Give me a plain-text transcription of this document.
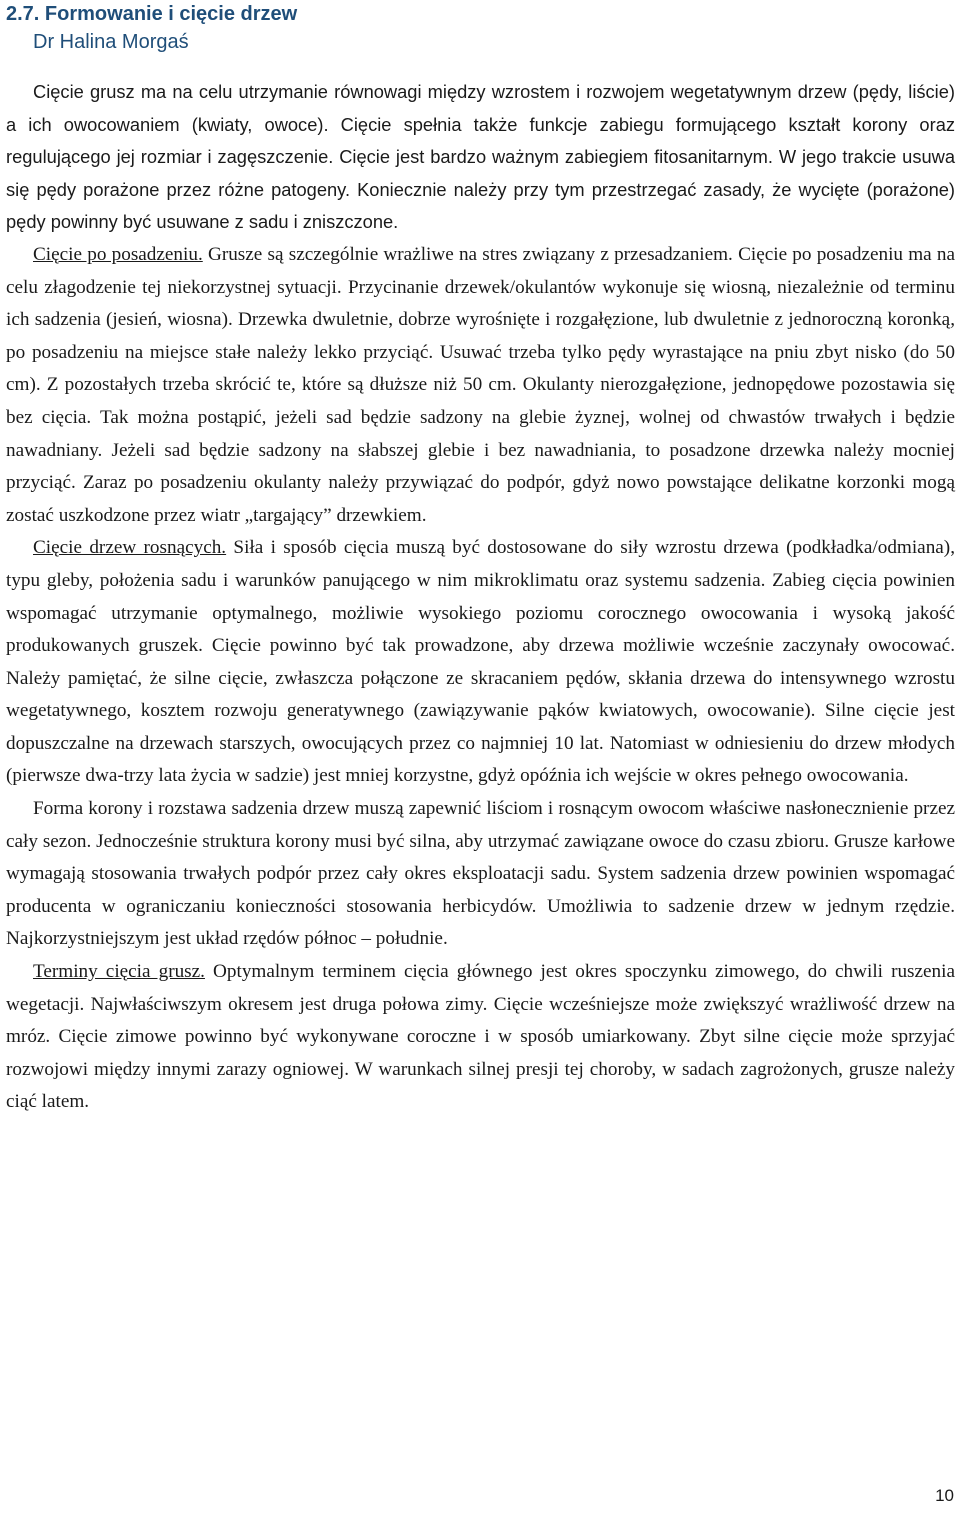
2.7. Formowanie i cięcie drzew
Dr Halina Morgaś

Cięcie grusz ma na celu utrzymanie równowagi między wzrostem i rozwojem wegetatywnym drzew (pędy, liście) a ich owocowaniem (kwiaty, owoce). Cięcie spełnia także funkcje zabiegu formującego kształt korony oraz regulującego jej rozmiar i zagęszczenie. Cięcie jest bardzo ważnym zabiegiem fitosanitarnym. W jego trakcie usuwa się pędy porażone przez różne patogeny. Koniecznie należy przy tym przestrzegać zasady, że wycięte (porażone) pędy powinny być usuwane z sadu i zniszczone.

Cięcie po posadzeniu. Grusze są szczególnie wrażliwe na stres związany z przesadzaniem. Cięcie po posadzeniu ma na celu złagodzenie tej niekorzystnej sytuacji. Przycinanie drzewek/okulantów wykonuje się wiosną, niezależnie od terminu ich sadzenia (jesień, wiosna). Drzewka dwuletnie, dobrze wyrośnięte i rozgałęzione, lub dwuletnie z jednoroczną koronką, po posadzeniu na miejsce stałe należy lekko przyciąć. Usuwać trzeba tylko pędy wyrastające na pniu zbyt nisko (do 50 cm). Z pozostałych trzeba skrócić te, które są dłuższe niż 50 cm. Okulanty nierozgałęzione, jednopędowe pozostawia się bez cięcia. Tak można postąpić, jeżeli sad będzie sadzony na glebie żyznej, wolnej od chwastów trwałych i będzie nawadniany. Jeżeli sad będzie sadzony na słabszej glebie i bez nawadniania, to posadzone drzewka należy mocniej przyciąć. Zaraz po posadzeniu okulanty należy przywiązać do podpór, gdyż nowo powstające delikatne korzonki mogą zostać uszkodzone przez wiatr „targający” drzewkiem.

Cięcie drzew rosnących. Siła i sposób cięcia muszą być dostosowane do siły wzrostu drzewa (podkładka/odmiana), typu gleby, położenia sadu i warunków panującego w nim mikroklimatu oraz systemu sadzenia. Zabieg cięcia powinien wspomagać utrzymanie optymalnego, możliwie wysokiego poziomu corocznego owocowania i wysoką jakość produkowanych gruszek. Cięcie powinno być tak prowadzone, aby drzewa możliwie wcześnie zaczynały owocować. Należy pamiętać, że silne cięcie, zwłaszcza połączone ze skracaniem pędów, skłania drzewa do intensywnego wzrostu wegetatywnego, kosztem rozwoju generatywnego (zawiązywanie pąków kwiatowych, owocowanie). Silne cięcie jest dopuszczalne na drzewach starszych, owocujących przez co najmniej 10 lat. Natomiast w odniesieniu do drzew młodych (pierwsze dwa-trzy lata życia w sadzie) jest mniej korzystne, gdyż opóźnia ich wejście w okres pełnego owocowania.

Forma korony i rozstawa sadzenia drzew muszą zapewnić liściom i rosnącym owocom właściwe nasłonecznienie przez cały sezon. Jednocześnie struktura korony musi być silna, aby utrzymać zawiązane owoce do czasu zbioru. Grusze karłowe wymagają stosowania trwałych podpór przez cały okres eksploatacji sadu. System sadzenia drzew powinien wspomagać producenta w ograniczaniu konieczności stosowania herbicydów. Umożliwia to sadzenie drzew w jednym rzędzie. Najkorzystniejszym jest układ rzędów północ – południe.

Terminy cięcia grusz. Optymalnym terminem cięcia głównego jest okres spoczynku zimowego, do chwili ruszenia wegetacji. Najwłaściwszym okresem jest druga połowa zimy. Cięcie wcześniejsze może zwiększyć wrażliwość drzew na mróz. Cięcie zimowe powinno być wykonywane coroczne i w sposób umiarkowany. Zbyt silne cięcie może sprzyjać rozwojowi między innymi zarazy ogniowej. W warunkach silnej presji tej choroby, w sadach zagrożonych, grusze należy ciąć latem.

10
